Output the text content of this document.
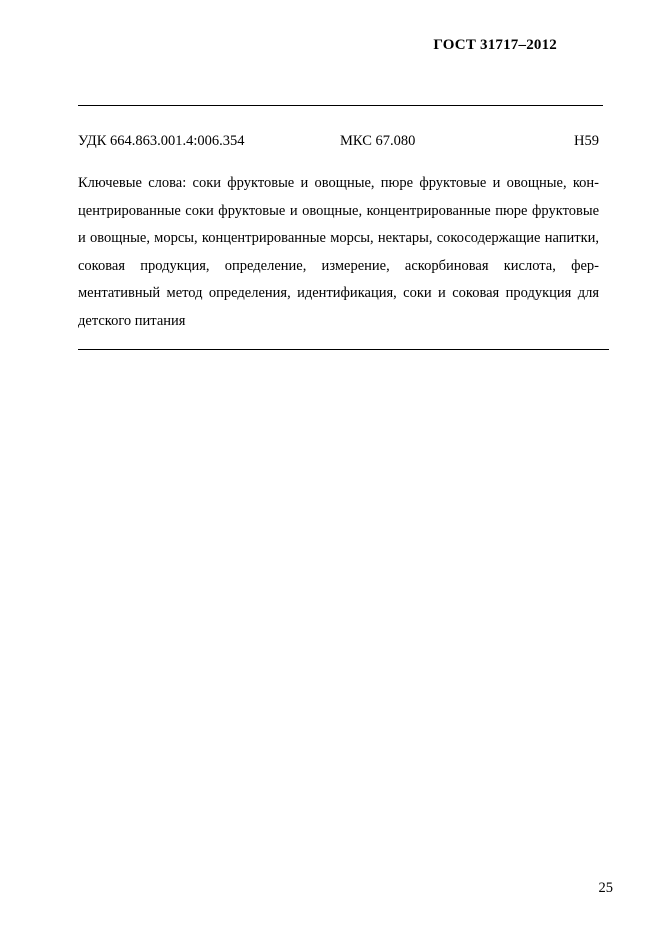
ГОСТ 31717–2012
УДК 664.863.001.4:006.354	МКС 67.080	Н59

Ключевые слова: соки фруктовые и овощные, пюре фруктовые и овощные, концентрированные соки фруктовые и овощные, концентрированные пюре фруктовые и овощные, морсы, концентрированные морсы, нектары, сокосодержащие напитки, соковая продукция, определение, измерение, аскорбиновая кислота, ферментативный метод определения, идентификация, соки и соковая продукция для детского питания

25
